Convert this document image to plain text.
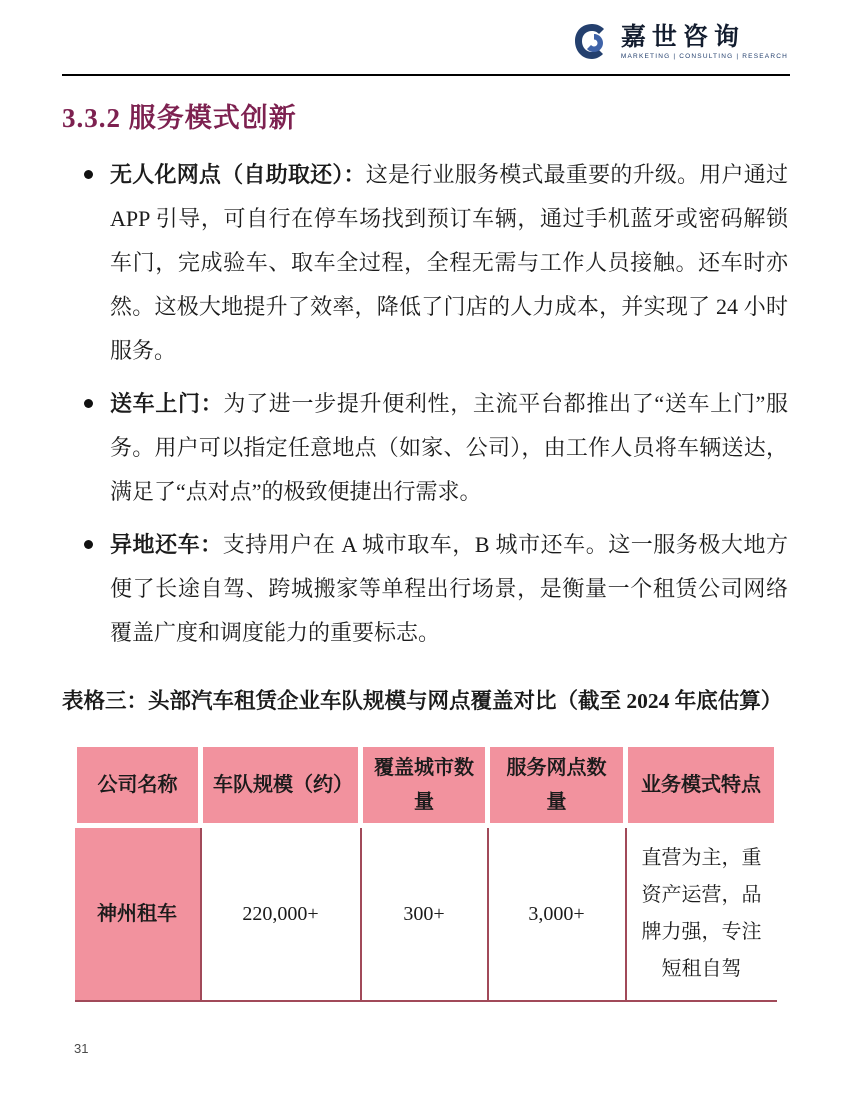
嘉世咨询
MARKETING | CONSULTING | RESEARCH
3.3.2 服务模式创新
无人化网点（自助取还）：这是行业服务模式最重要的升级。用户通过 APP 引导，可自行在停车场找到预订车辆，通过手机蓝牙或密码解锁车门，完成验车、取车全过程，全程无需与工作人员接触。还车时亦然。这极大地提升了效率，降低了门店的人力成本，并实现了 24 小时服务。
送车上门：为了进一步提升便利性，主流平台都推出了“送车上门”服务。用户可以指定任意地点（如家、公司），由工作人员将车辆送达，满足了“点对点”的极致便捷出行需求。
异地还车：支持用户在 A 城市取车，B 城市还车。这一服务极大地方便了长途自驾、跨城搬家等单程出行场景，是衡量一个租赁公司网络覆盖广度和调度能力的重要标志。
表格三：头部汽车租赁企业车队规模与网点覆盖对比（截至 2024 年底估算）
公司名称	车队规模（约）	覆盖城市数量	服务网点数量	业务模式特点
神州租车	220,000+	300+	3,000+	直营为主，重资产运营，品牌力强，专注短租自驾
31
